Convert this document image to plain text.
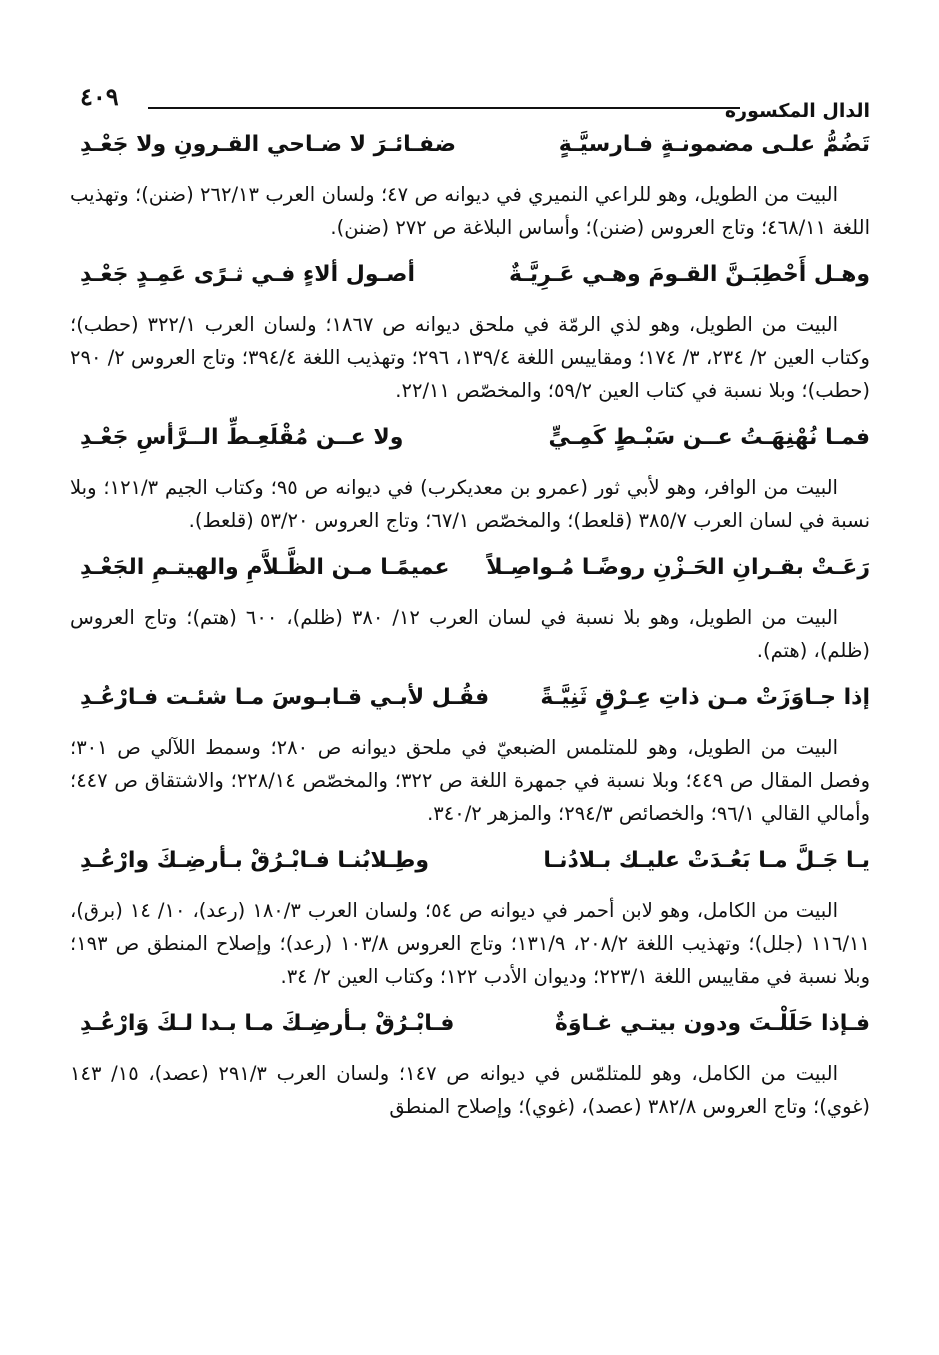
الدال المكسورة
٤٠٩
تَضُمُّ علـى مضمونـةٍ فـارسيَّـةٍ
ضفـائـرَ لا ضـاحي القـرونِ ولا جَعْـدِ

البيت من الطويل، وهو للراعي النميري في ديوانه ص ٤٧؛ ولسان العرب ٢٦٢/١٣ (ضنن)؛ وتهذيب اللغة ٤٦٨/١١؛ وتاج العروس (ضنن)؛ وأساس البلاغة ص ٢٧٢ (ضنن).

وهـل أَحْطِبَـنَّ القـومَ وهـي عَـرِيَّـةٌ
أصـول ألاءٍ فـي ثـرًى عَمِـدٍ جَعْـدِ

البيت من الطويل، وهو لذي الرمّة في ملحق ديوانه ص ١٨٦٧؛ ولسان العرب ٣٢٢/١ (حطب)؛ وكتاب العين ٢/ ٢٣٤، ٣/ ١٧٤؛ ومقاييس اللغة ١٣٩/٤، ٢٩٦؛ وتهذيب اللغة ٣٩٤/٤؛ وتاج العروس ٢/ ٢٩٠ (حطب)؛ وبلا نسبة في كتاب العين ٥٩/٢؛ والمخصّص ٢٢/١١.

فمـا نُهْنِهَـتُ عــن سَبْـطٍ كَمِـيٍّ
ولا عــن مُقْلَعِـطِّ الــرَّأسِ جَعْـدِ

البيت من الوافر، وهو لأبي ثور (عمرو بن معديكرب) في ديوانه ص ٩٥؛ وكتاب الجيم ١٢١/٣؛ وبلا نسبة في لسان العرب ٣٨٥/٧ (قلعط)؛ والمخصّص ٦٧/١؛ وتاج العروس ٥٣/٢٠ (قلعط).

رَعَـتْ بقـرانِ الحَـزْنِ روضًـا مُـواصِـلاً
عميمًـا مـن الظَّـلاَّمِ والهيتـمِ الجَعْـدِ

البيت من الطويل، وهو بلا نسبة في لسان العرب ١٢/ ٣٨٠ (ظلم)، ٦٠٠ (هتم)؛ وتاج العروس (ظلم)، (هتم).

إذا جـاوَزَتْ مـن ذاتِ عِـرْقٍ ثَنِيَّـةً
فقُـل لأبـي قـابـوسَ مـا شئـت فـارْعُـدِ

البيت من الطويل، وهو للمتلمس الضبعيّ في ملحق ديوانه ص ٢٨٠؛ وسمط اللآلي ص ٣٠١؛ وفصل المقال ص ٤٤٩؛ وبلا نسبة في جمهرة اللغة ص ٣٢٢؛ والمخصّص ٢٢٨/١٤؛ والاشتقاق ص ٤٤٧؛ وأمالي القالي ٩٦/١؛ والخصائص ٢٩٤/٣؛ والمزهر ٣٤٠/٢.

يـا جَـلَّ مـا بَعُـدَتْ عليـك بـلادُنـا
وطِـلابُنـا فـابْـرُقْ بـأرضِـكَ وارْعُـدِ

البيت من الكامل، وهو لابن أحمر في ديوانه ص ٥٤؛ ولسان العرب ١٨٠/٣ (رعد)، ١٠/ ١٤ (برق)، ١١٦/١١ (جلل)؛ وتهذيب اللغة ٢٠٨/٢، ١٣١/٩؛ وتاج العروس ١٠٣/٨ (رعد)؛ وإصلاح المنطق ص ١٩٣؛ وبلا نسبة في مقاييس اللغة ٢٢٣/١؛ وديوان الأدب ١٢٢؛ وكتاب العين ٢/ ٣٤.

فـإذا حَلَلْـتَ ودون بيتـي غـاوَةٌ
فـابْـرُقْ بـأرضِـكَ مـا بـدا لـكَ وَارْعُـدِ

البيت من الكامل، وهو للمتلمّس في ديوانه ص ١٤٧؛ ولسان العرب ٢٩١/٣ (عصد)، ١٥/ ١٤٣ (غوي)؛ وتاج العروس ٣٨٢/٨ (عصد)، (غوي)؛ وإصلاح المنطق
